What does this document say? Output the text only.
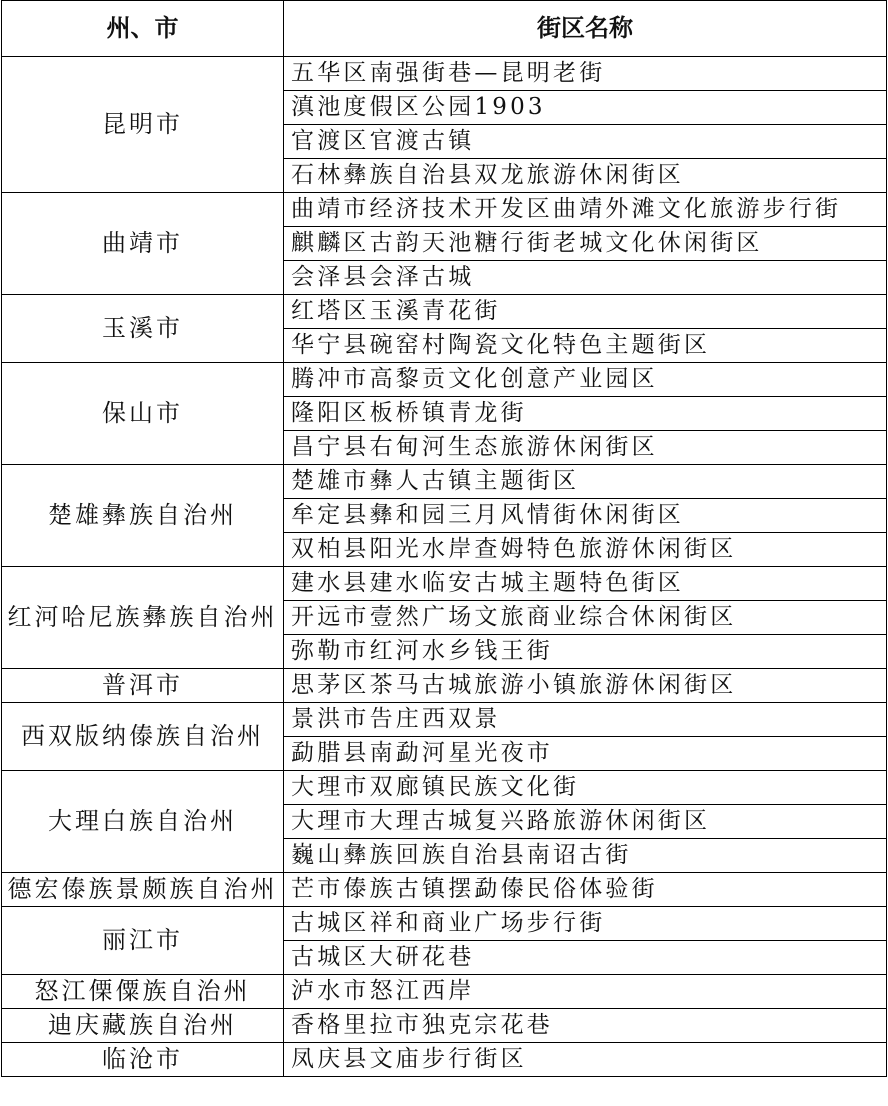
州、市	街区名称
昆明市	五华区南强街巷—昆明老街
	滇池度假区公园1903
	官渡区官渡古镇
	石林彝族自治县双龙旅游休闲街区
曲靖市	曲靖市经济技术开发区曲靖外滩文化旅游步行街
	麒麟区古韵天池糖行街老城文化休闲街区
	会泽县会泽古城
玉溪市	红塔区玉溪青花街
	华宁县碗窑村陶瓷文化特色主题街区
保山市	腾冲市高黎贡文化创意产业园区
	隆阳区板桥镇青龙街
	昌宁县右甸河生态旅游休闲街区
楚雄彝族自治州	楚雄市彝人古镇主题街区
	牟定县彝和园三月风情街休闲街区
	双柏县阳光水岸查姆特色旅游休闲街区
红河哈尼族彝族自治州	建水县建水临安古城主题特色街区
	开远市壹然广场文旅商业综合休闲街区
	弥勒市红河水乡钱王街
普洱市	思茅区茶马古城旅游小镇旅游休闲街区
西双版纳傣族自治州	景洪市告庄西双景
	勐腊县南勐河星光夜市
大理白族自治州	大理市双廊镇民族文化街
	大理市大理古城复兴路旅游休闲街区
	巍山彝族回族自治县南诏古街
德宏傣族景颇族自治州	芒市傣族古镇摆勐傣民俗体验街
丽江市	古城区祥和商业广场步行街
	古城区大研花巷
怒江傈僳族自治州	泸水市怒江西岸
迪庆藏族自治州	香格里拉市独克宗花巷
临沧市	凤庆县文庙步行街区
